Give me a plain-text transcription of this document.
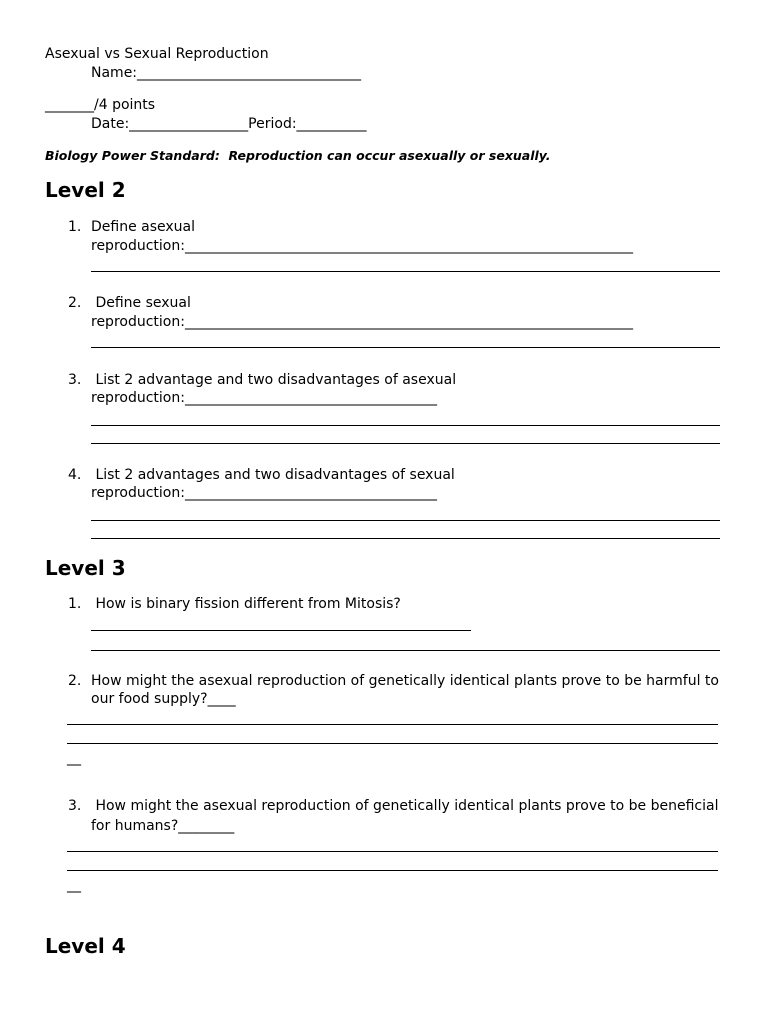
Asexual vs Sexual Reproduction

Name:________________________________

_______/4 points

Date:_________________Period:__________

Biology Power Standard:  Reproduction can occur asexually or sexually.

Level 2

1. Define asexual

reproduction:________________________________________________________________

2. Define sexual

reproduction:________________________________________________________________

3. List 2 advantage and two disadvantages of asexual

reproduction:____________________________________

4. List 2 advantages and two disadvantages of sexual

reproduction:____________________________________

Level 3

1. How is binary fission different from Mitosis?

2. How might the asexual reproduction of genetically identical plants prove to be harmful to

our food supply?____

__

3. How might the asexual reproduction of genetically identical plants prove to be beneficial

for humans?________

__

Level 4
